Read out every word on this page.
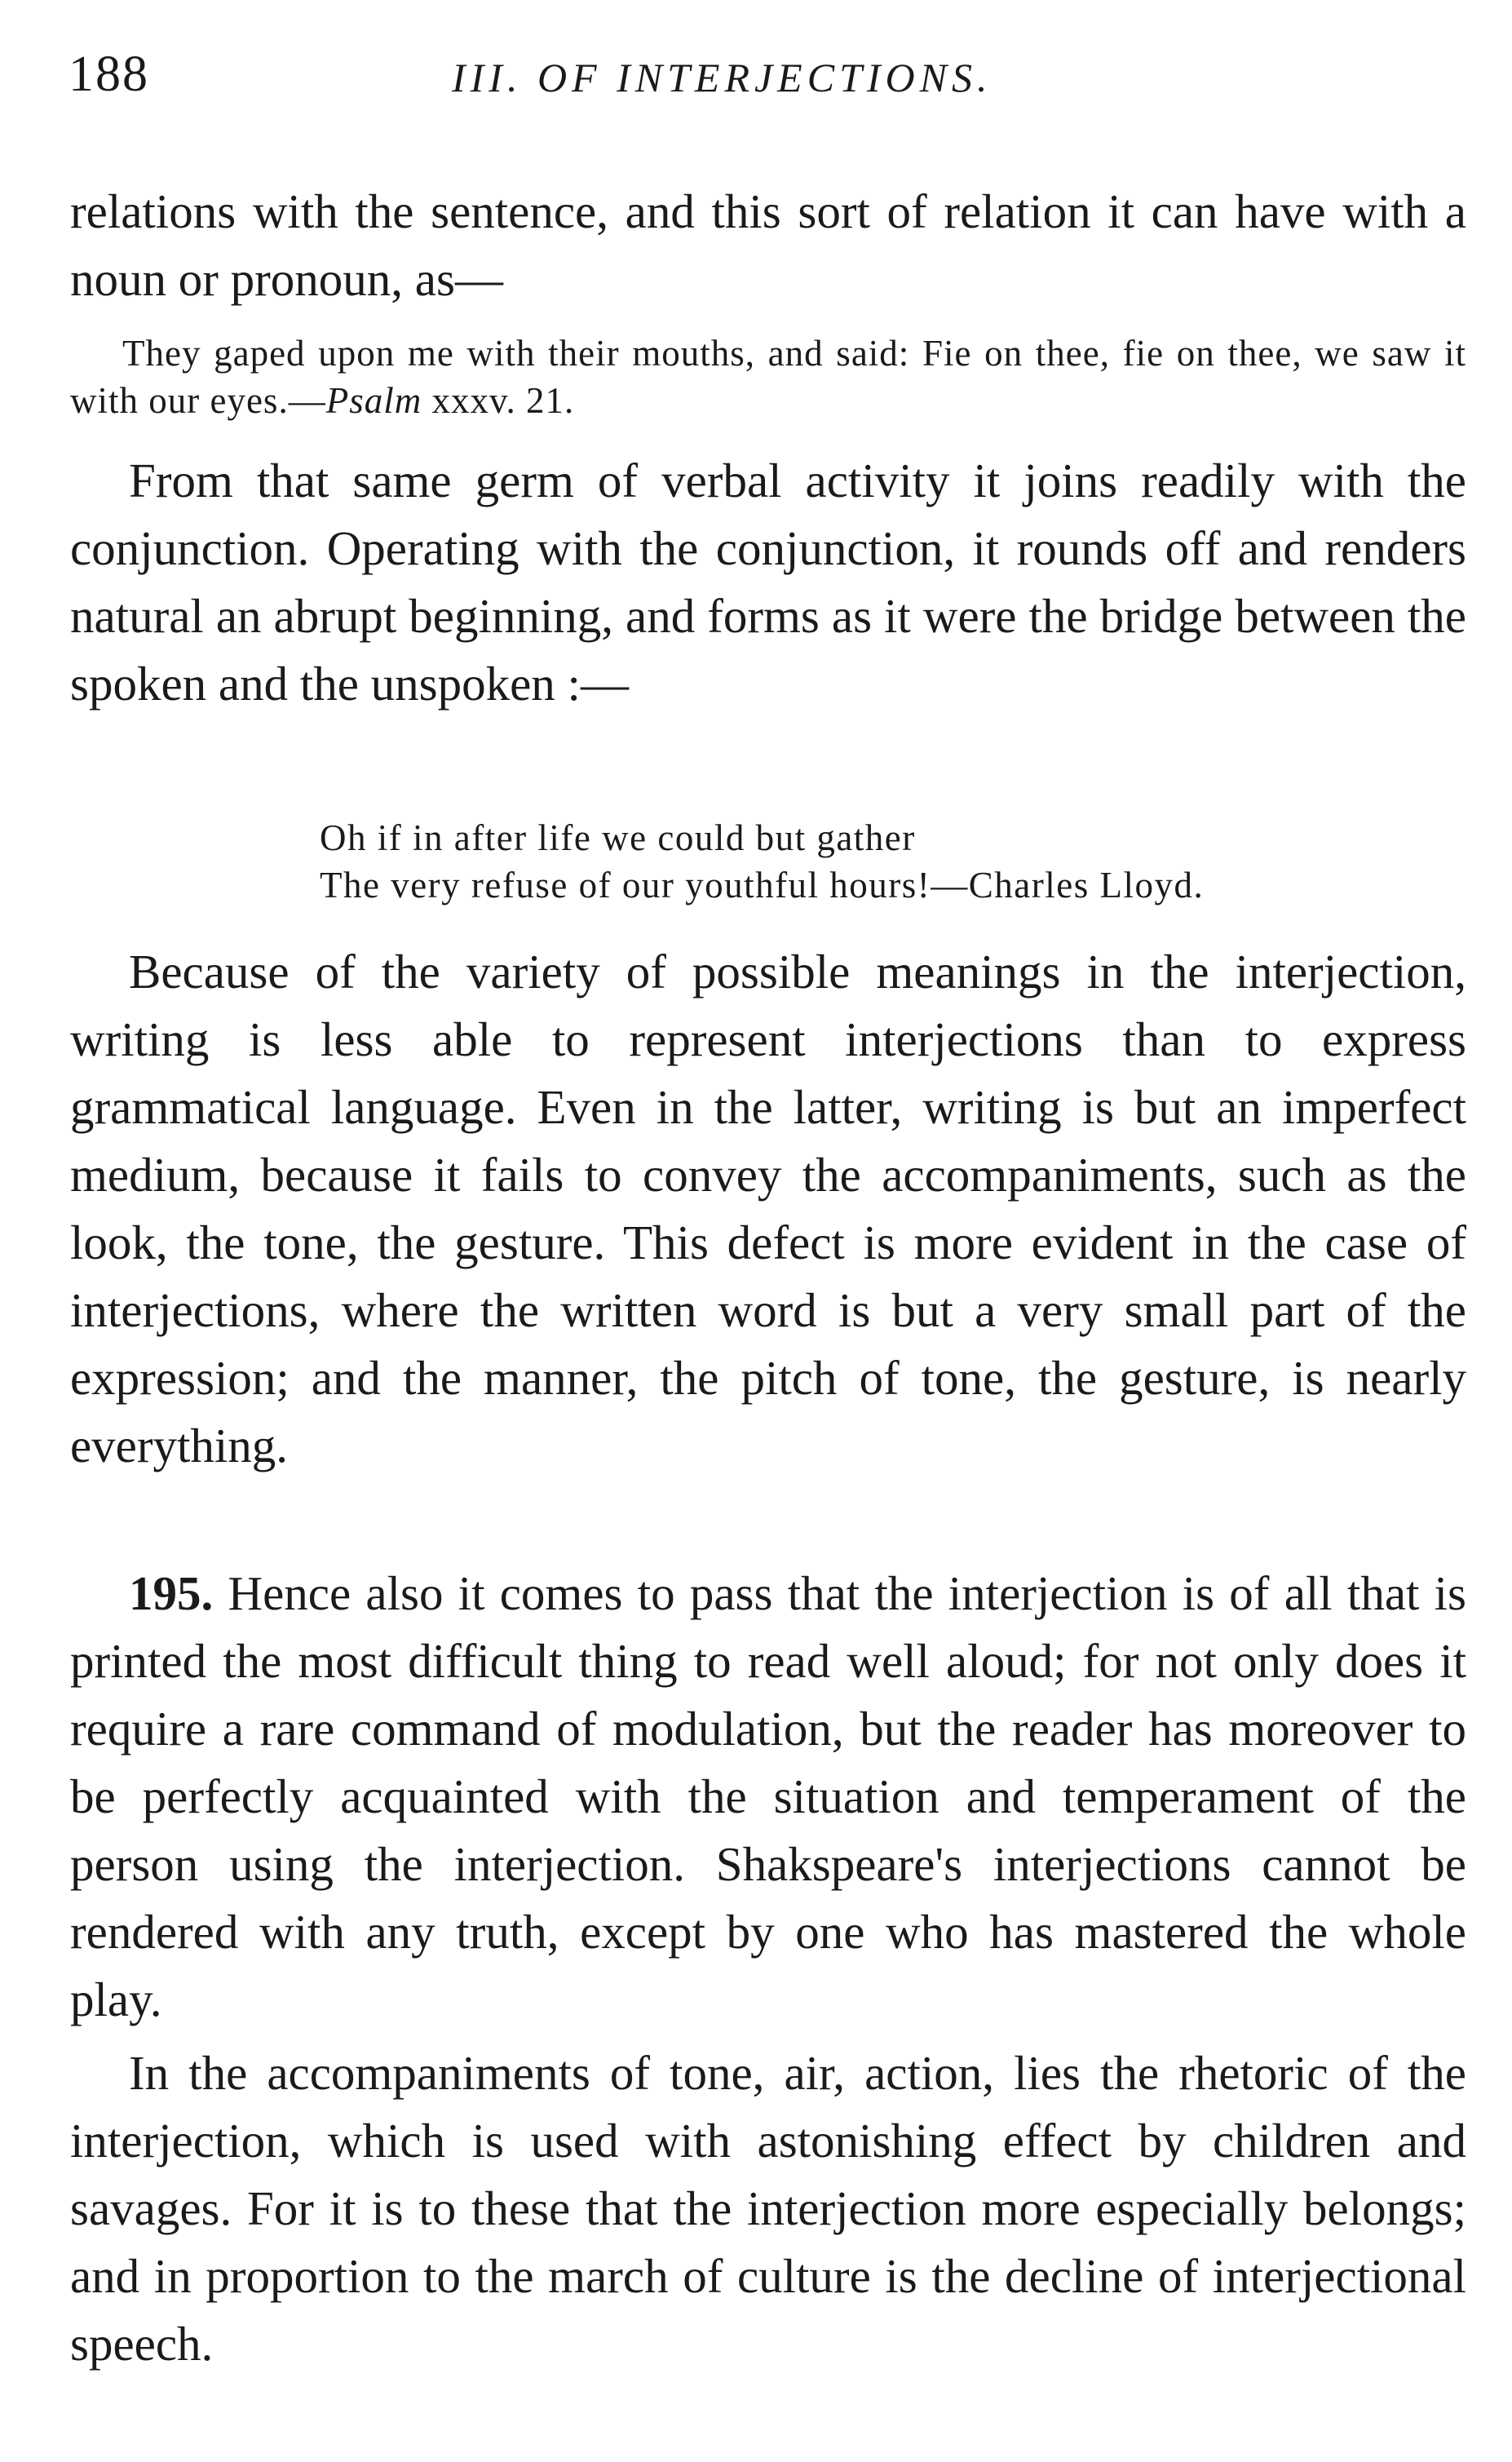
188	III. OF INTERJECTIONS.

relations with the sentence, and this sort of relation it can have with a noun or pronoun, as—

They gaped upon me with their mouths, and said: Fie on thee, fie on thee, we saw it with our eyes.—Psalm xxxv. 21.

From that same germ of verbal activity it joins readily with the conjunction. Operating with the conjunction, it rounds off and renders natural an abrupt beginning, and forms as it were the bridge between the spoken and the unspoken :—

Oh if in after life we could but gather
The very refuse of our youthful hours!—Charles Lloyd.

Because of the variety of possible meanings in the interjection, writing is less able to represent interjections than to express grammatical language. Even in the latter, writing is but an imperfect medium, because it fails to convey the accompaniments, such as the look, the tone, the gesture. This defect is more evident in the case of interjections, where the written word is but a very small part of the expression; and the manner, the pitch of tone, the gesture, is nearly everything.

195. Hence also it comes to pass that the interjection is of all that is printed the most difficult thing to read well aloud; for not only does it require a rare command of modulation, but the reader has moreover to be perfectly acquainted with the situation and temperament of the person using the interjection. Shakspeare's interjections cannot be rendered with any truth, except by one who has mastered the whole play.

In the accompaniments of tone, air, action, lies the rhetoric of the interjection, which is used with astonishing effect by children and savages. For it is to these that the interjection more especially belongs; and in proportion to the march of culture is the decline of interjectional speech.
